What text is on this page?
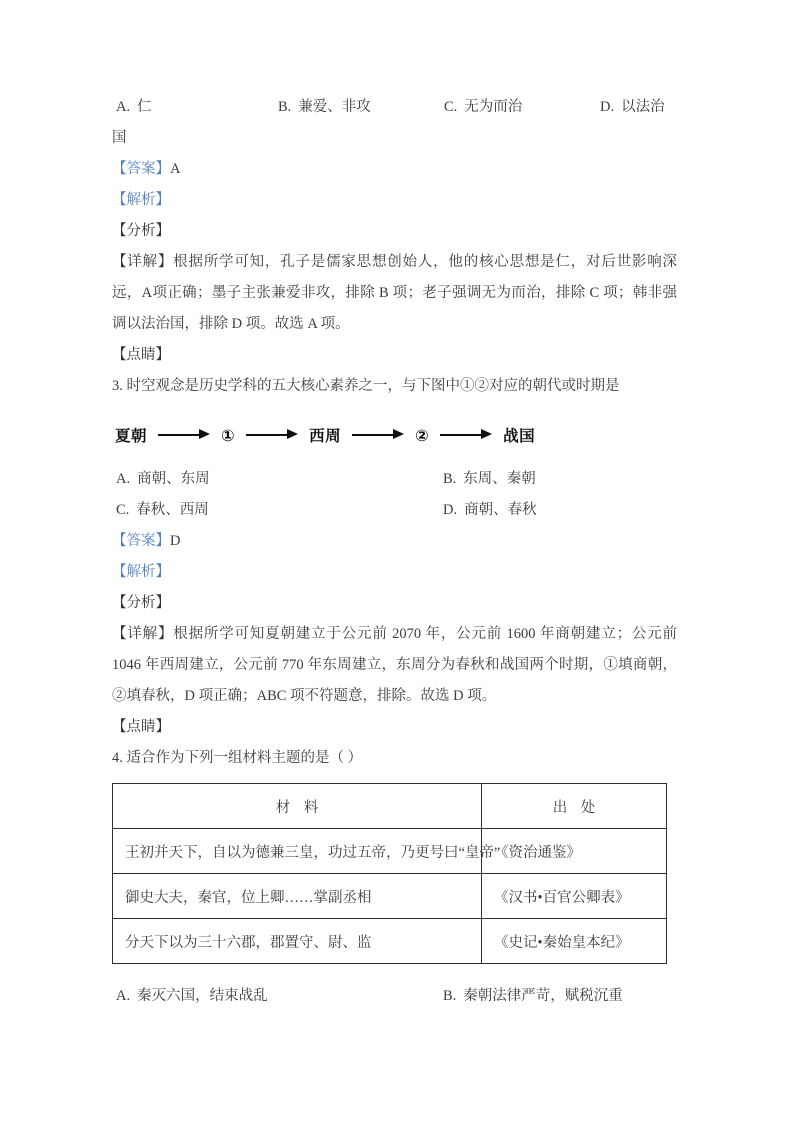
A. 仁	B. 兼爱、非攻	C. 无为而治	D. 以法治
国
【答案】A
【解析】
【分析】

【详解】根据所学可知，孔子是儒家思想创始人，他的核心思想是仁，对后世影响深远，A项正确；墨子主张兼爱非攻，排除 B 项；老子强调无为而治，排除 C 项；韩非强调以法治国，排除 D 项。故选 A 项。

【点睛】

3. 时空观念是历史学科的五大核心素养之一，与下图中①②对应的朝代或时期是

夏朝	①	西周	②	战国
A. 商朝、东周	B. 东周、秦朝
C. 春秋、西周	D. 商朝、春秋
【答案】D
【解析】
【分析】

【详解】根据所学可知夏朝建立于公元前 2070 年，公元前 1600 年商朝建立；公元前 1046 年西周建立，公元前 770 年东周建立，东周分为春秋和战国两个时期，①填商朝，②填春秋，D 项正确；ABC 项不符题意，排除。故选 D 项。

【点睛】

4. 适合作为下列一组材料主题的是（ ）

材 料	出 处
王初并天下，自以为德兼三皇，功过五帝，乃更号曰“皇帝”	《资治通鉴》
御史大夫，秦官，位上卿……掌副丞相	《汉书•百官公卿表》
分天下以为三十六郡，郡置守、尉、监	《史记•秦始皇本纪》
A. 秦灭六国，结束战乱	B. 秦朝法律严苛，赋税沉重
